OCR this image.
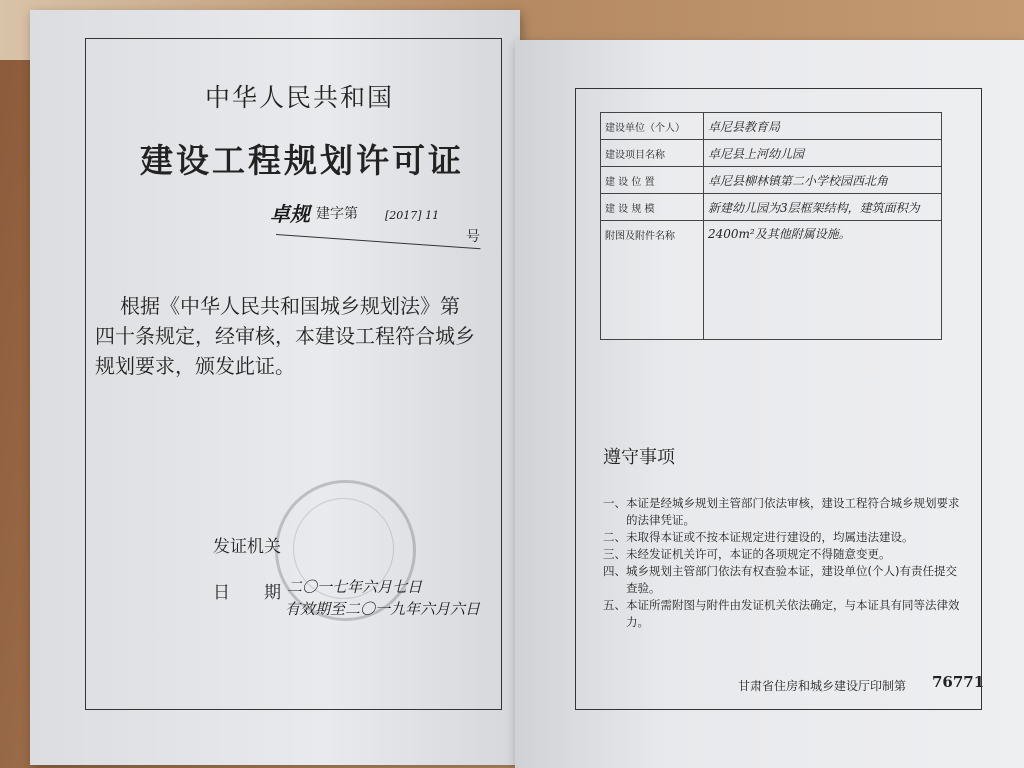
中华人民共和国
建设工程规划许可证
卓规 建字第 [2017] 11
号
根据《中华人民共和国城乡规划法》第
四十条规定，经审核，本建设工程符合城乡
规划要求，颁发此证。
发证机关
日　　期 二〇一七年六月七日
有效期至二〇一九年六月六日
建设单位（个人）	卓尼县教育局
建设项目名称	卓尼县上河幼儿园
建 设 位 置	卓尼县柳林镇第二小学校园西北角
建 设 规 模	新建幼儿园为3层框架结构，建筑面积为
附图及附件名称	2400m²及其他附属设施。
遵守事项
一、本证是经城乡规划主管部门依法审核，建设工程符合城乡规划要求
　　的法律凭证。
二、未取得本证或不按本证规定进行建设的，均属违法建设。
三、未经发证机关许可，本证的各项规定不得随意变更。
四、城乡规划主管部门依法有权查验本证，建设单位(个人)有责任提交
　　查验。
五、本证所需附图与附件由发证机关依法确定，与本证具有同等法律效
　　力。
甘肃省住房和城乡建设厅印制第 76771
